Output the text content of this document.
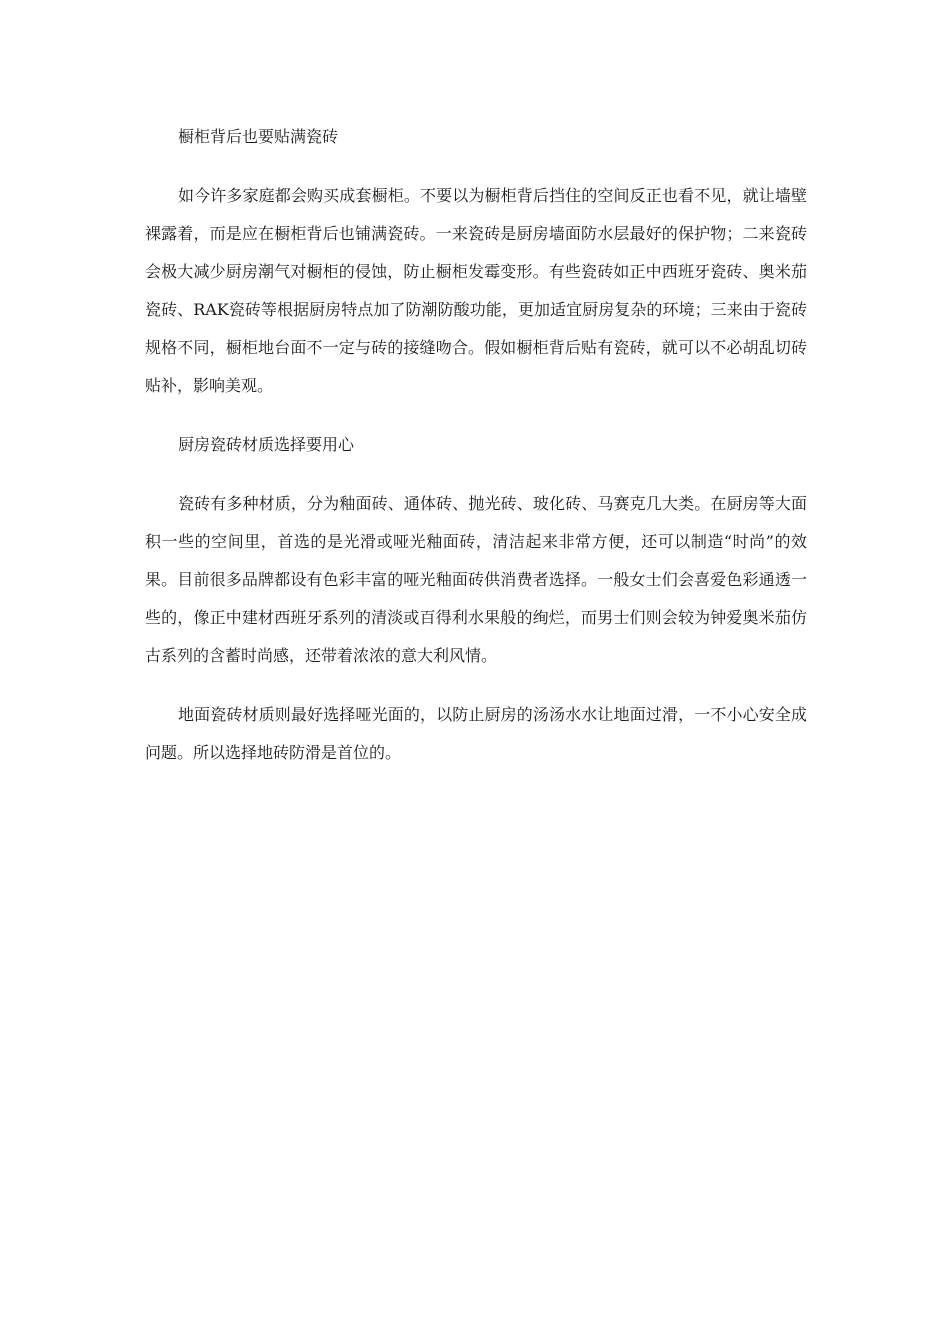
橱柜背后也要贴满瓷砖

如今许多家庭都会购买成套橱柜。不要以为橱柜背后挡住的空间反正也看不见，就让墙壁裸露着，而是应在橱柜背后也铺满瓷砖。一来瓷砖是厨房墙面防水层最好的保护物；二来瓷砖会极大减少厨房潮气对橱柜的侵蚀，防止橱柜发霉变形。有些瓷砖如正中西班牙瓷砖、奥米茄瓷砖、RAK瓷砖等根据厨房特点加了防潮防酸功能，更加适宜厨房复杂的环境；三来由于瓷砖规格不同，橱柜地台面不一定与砖的接缝吻合。假如橱柜背后贴有瓷砖，就可以不必胡乱切砖贴补，影响美观。

厨房瓷砖材质选择要用心

瓷砖有多种材质，分为釉面砖、通体砖、抛光砖、玻化砖、马赛克几大类。在厨房等大面积一些的空间里，首选的是光滑或哑光釉面砖，清洁起来非常方便，还可以制造“时尚”的效果。目前很多品牌都设有色彩丰富的哑光釉面砖供消费者选择。一般女士们会喜爱色彩通透一些的，像正中建材西班牙系列的清淡或百得利水果般的绚烂，而男士们则会较为钟爱奥米茄仿古系列的含蓄时尚感，还带着浓浓的意大利风情。

地面瓷砖材质则最好选择哑光面的，以防止厨房的汤汤水水让地面过滑，一不小心安全成问题。所以选择地砖防滑是首位的。
